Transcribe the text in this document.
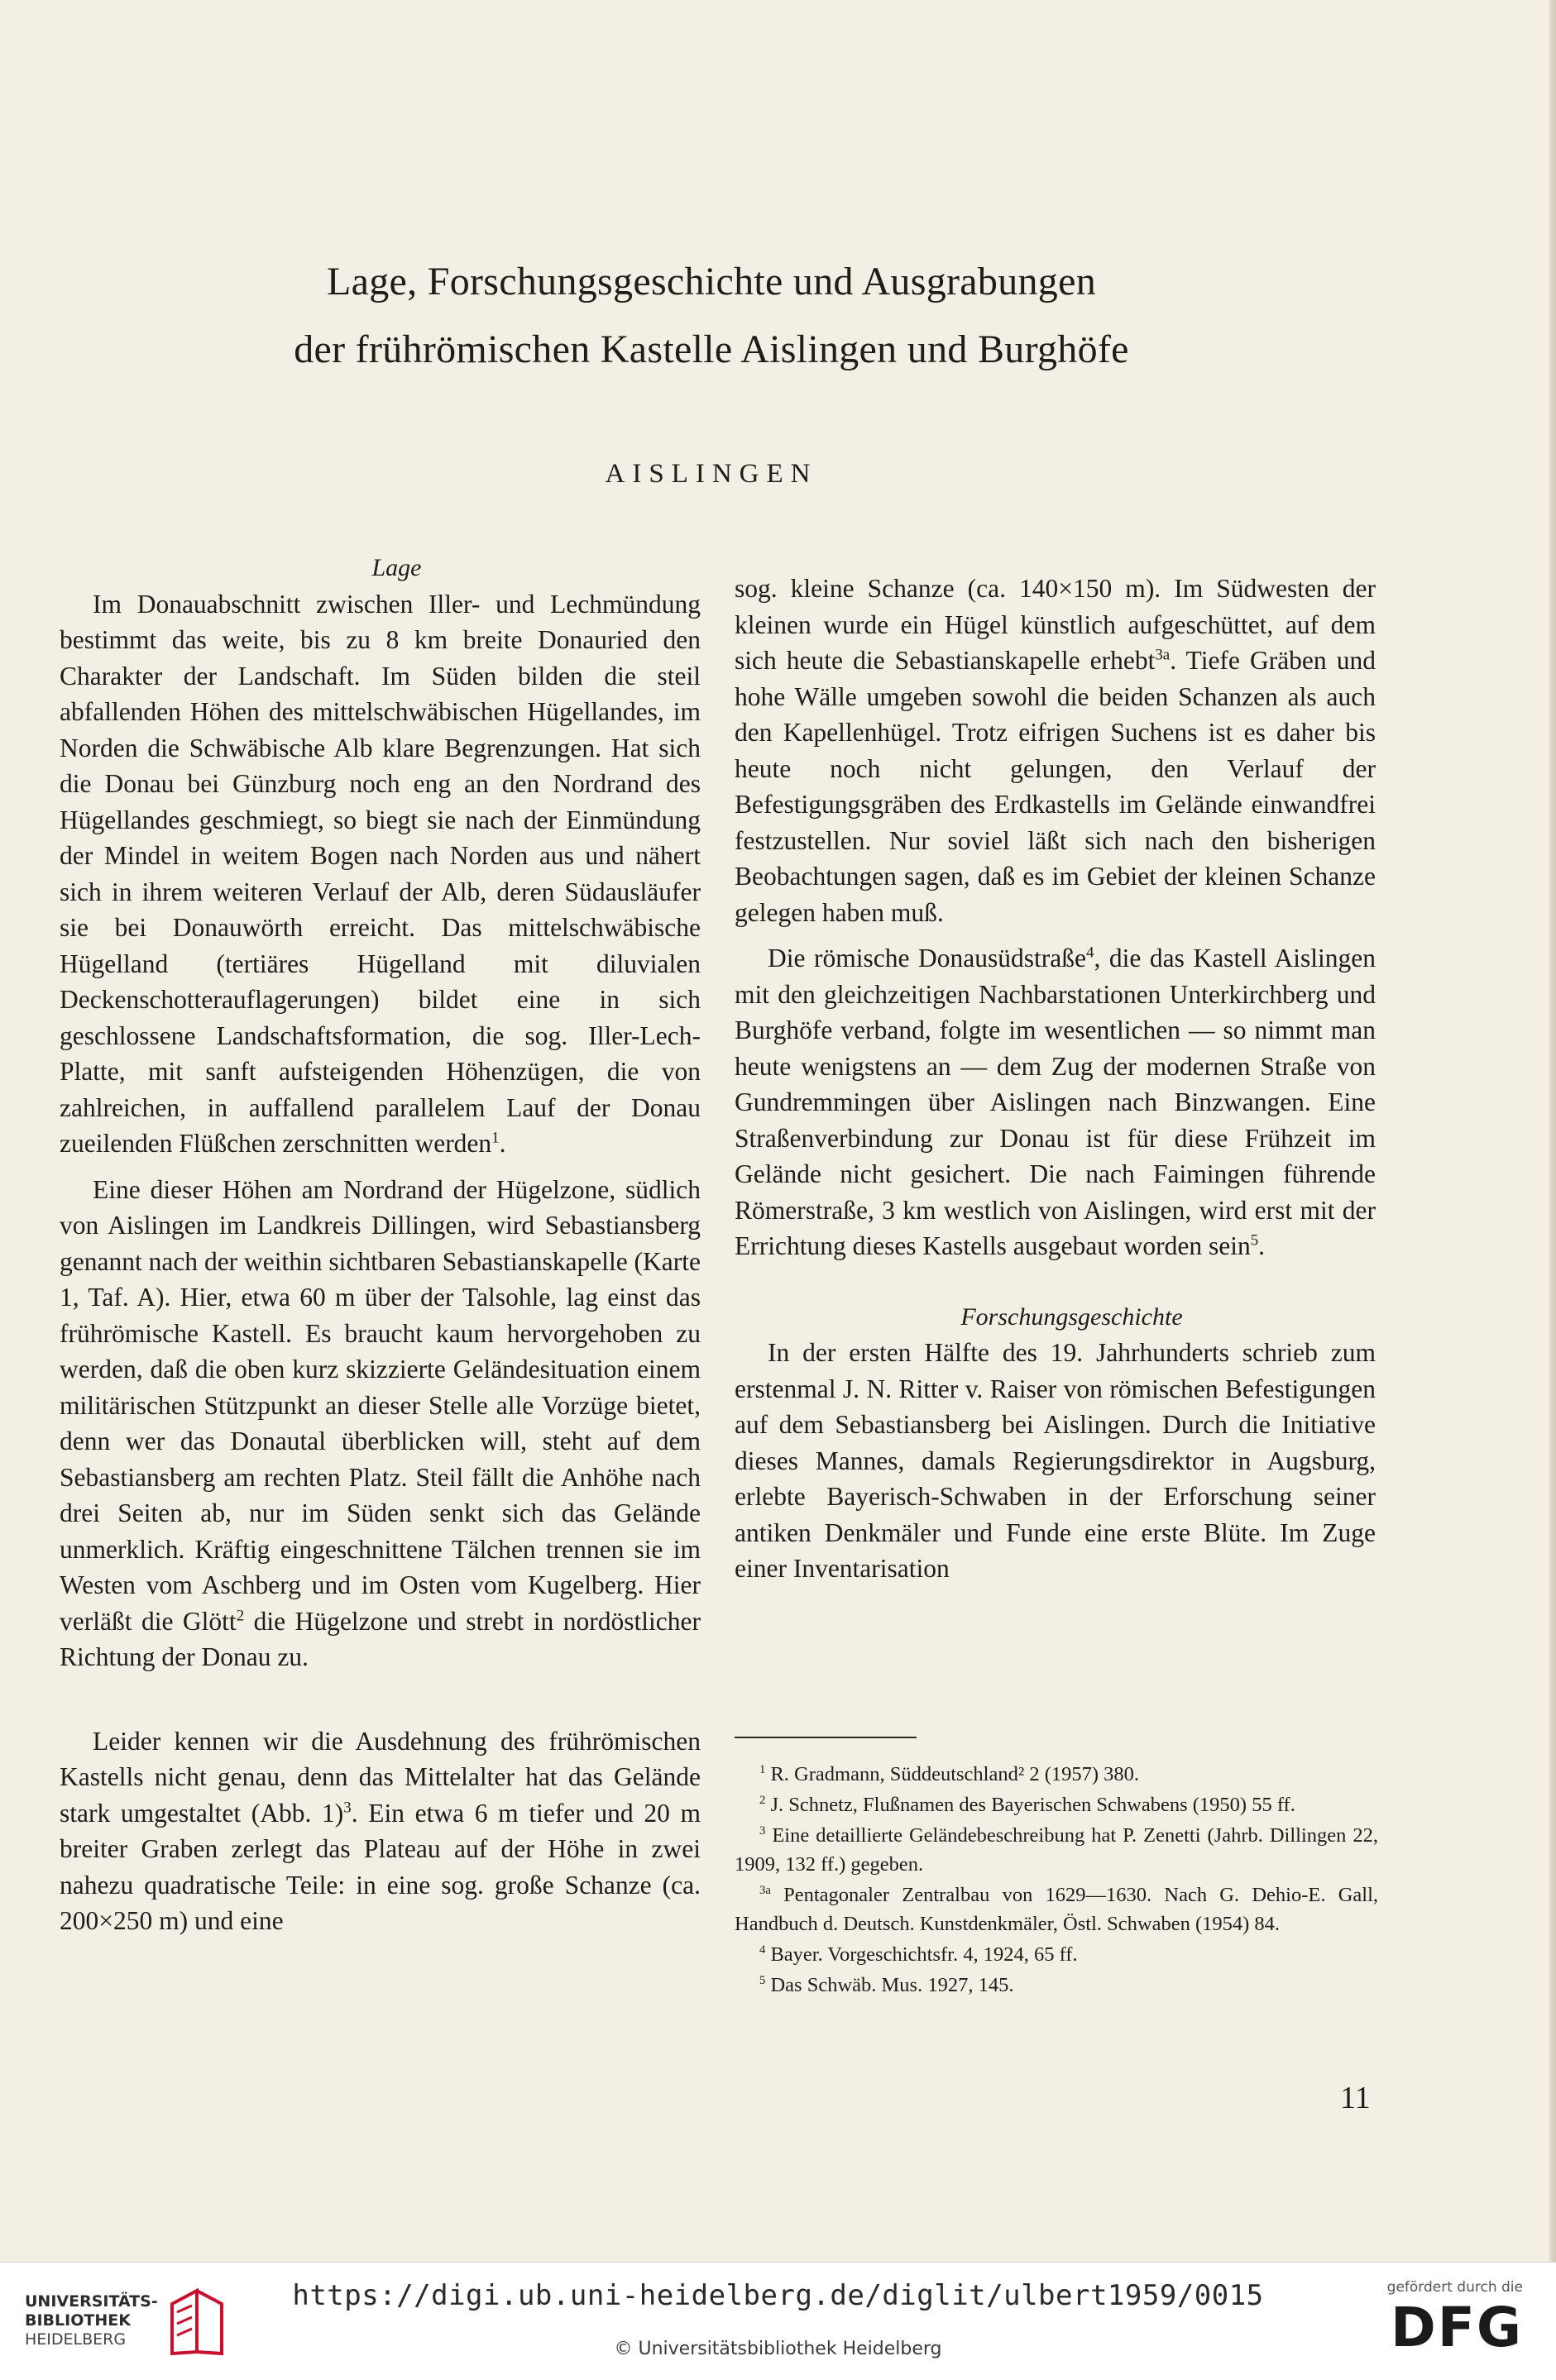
Lage, Forschungsgeschichte und Ausgrabungen
der frührömischen Kastelle Aislingen und Burghöfe
AISLINGEN

Lage

Im Donauabschnitt zwischen Iller- und Lechmündung bestimmt das weite, bis zu 8 km breite Donauried den Charakter der Landschaft. Im Süden bilden die steil abfallenden Höhen des mittelschwäbischen Hügellandes, im Norden die Schwäbische Alb klare Begrenzungen. Hat sich die Donau bei Günzburg noch eng an den Nordrand des Hügellandes geschmiegt, so biegt sie nach der Einmündung der Mindel in weitem Bogen nach Norden aus und nähert sich in ihrem weiteren Verlauf der Alb, deren Südausläufer sie bei Donauwörth erreicht. Das mittelschwäbische Hügelland (tertiäres Hügelland mit diluvialen Deckenschotterauflagerungen) bildet eine in sich geschlossene Landschaftsformation, die sog. Iller-Lech-Platte, mit sanft aufsteigenden Höhenzügen, die von zahlreichen, in auffallend parallelem Lauf der Donau zueilenden Flüßchen zerschnitten werden$^1$.

Eine dieser Höhen am Nordrand der Hügelzone, südlich von Aislingen im Landkreis Dillingen, wird Sebastiansberg genannt nach der weithin sichtbaren Sebastianskapelle (Karte 1, Taf. A). Hier, etwa 60 m über der Talsohle, lag einst das frührömische Kastell. Es braucht kaum hervorgehoben zu werden, daß die oben kurz skizzierte Geländesituation einem militärischen Stützpunkt an dieser Stelle alle Vorzüge bietet, denn wer das Donautal überblicken will, steht auf dem Sebastiansberg am rechten Platz. Steil fällt die Anhöhe nach drei Seiten ab, nur im Süden senkt sich das Gelände unmerklich. Kräftig eingeschnittene Tälchen trennen sie im Westen vom Aschberg und im Osten vom Kugelberg. Hier verläßt die Glött$^2$ die Hügelzone und strebt in nordöstlicher Richtung der Donau zu.

Leider kennen wir die Ausdehnung des frührömischen Kastells nicht genau, denn das Mittelalter hat das Gelände stark umgestaltet (Abb. 1)$^3$. Ein etwa 6 m tiefer und 20 m breiter Graben zerlegt das Plateau auf der Höhe in zwei nahezu quadratische Teile: in eine sog. große Schanze (ca. 200×250 m) und eine

sog. kleine Schanze (ca. 140×150 m). Im Südwesten der kleinen wurde ein Hügel künstlich aufgeschüttet, auf dem sich heute die Sebastianskapelle erhebt$^{3a}$. Tiefe Gräben und hohe Wälle umgeben sowohl die beiden Schanzen als auch den Kapellenhügel. Trotz eifrigen Suchens ist es daher bis heute noch nicht gelungen, den Verlauf der Befestigungsgräben des Erdkastells im Gelände einwandfrei festzustellen. Nur soviel läßt sich nach den bisherigen Beobachtungen sagen, daß es im Gebiet der kleinen Schanze gelegen haben muß.

Die römische Donausüdstraße$^4$, die das Kastell Aislingen mit den gleichzeitigen Nachbarstationen Unterkirchberg und Burghöfe verband, folgte im wesentlichen — so nimmt man heute wenigstens an — dem Zug der modernen Straße von Gundremmingen über Aislingen nach Binzwangen. Eine Straßenverbindung zur Donau ist für diese Frühzeit im Gelände nicht gesichert. Die nach Faimingen führende Römerstraße, 3 km westlich von Aislingen, wird erst mit der Errichtung dieses Kastells ausgebaut worden sein$^5$.

Forschungsgeschichte

In der ersten Hälfte des 19. Jahrhunderts schrieb zum erstenmal J. N. Ritter v. Raiser von römischen Befestigungen auf dem Sebastiansberg bei Aislingen. Durch die Initiative dieses Mannes, damals Regierungsdirektor in Augsburg, erlebte Bayerisch-Schwaben in der Erforschung seiner antiken Denkmäler und Funde eine erste Blüte. Im Zuge einer Inventarisation

$^1$ R. Gradmann, Süddeutschland² 2 (1957) 380.
$^2$ J. Schnetz, Flußnamen des Bayerischen Schwabens (1950) 55 ff.
$^3$ Eine detaillierte Geländebeschreibung hat P. Zenetti (Jahrb. Dillingen 22, 1909, 132 ff.) gegeben.
$^{3a}$ Pentagonaler Zentralbau von 1629—1630. Nach G. Dehio-E. Gall, Handbuch d. Deutsch. Kunstdenkmäler, Östl. Schwaben (1954) 84.
$^4$ Bayer. Vorgeschichtsfr. 4, 1924, 65 ff.
$^5$ Das Schwäb. Mus. 1927, 145.
11
UNIVERSITÄTS-
BIBLIOTHEK
HEIDELBERG
https://digi.ub.uni-heidelberg.de/diglit/ulbert1959/0015
© Universitätsbibliothek Heidelberg
gefördert durch die
DFG
